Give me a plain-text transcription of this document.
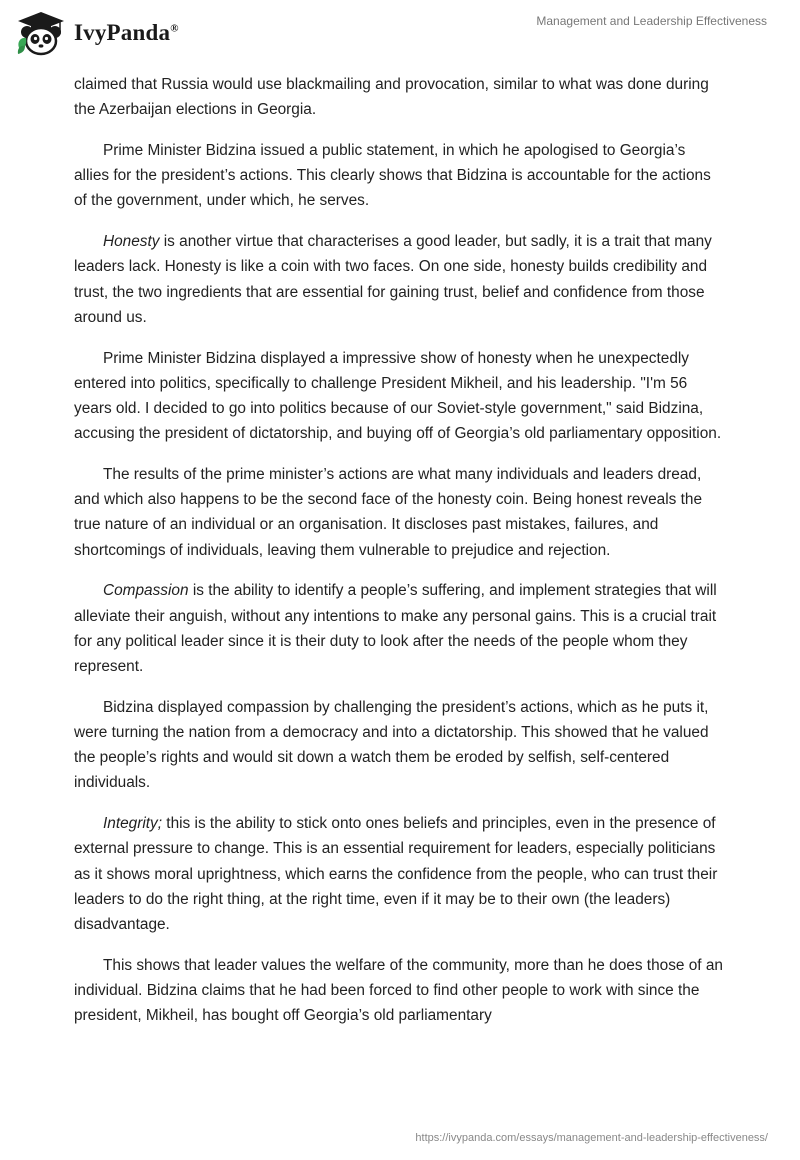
IvyPanda®
Management and Leadership Effectiveness

claimed that Russia would use blackmailing and provocation, similar to what was done during the Azerbaijan elections in Georgia.

Prime Minister Bidzina issued a public statement, in which he apologised to Georgia’s allies for the president’s actions. This clearly shows that Bidzina is accountable for the actions of the government, under which, he serves.

Honesty is another virtue that characterises a good leader, but sadly, it is a trait that many leaders lack. Honesty is like a coin with two faces. On one side, honesty builds credibility and trust, the two ingredients that are essential for gaining trust, belief and confidence from those around us.

Prime Minister Bidzina displayed a impressive show of honesty when he unexpectedly entered into politics, specifically to challenge President Mikheil, and his leadership. "I'm 56 years old. I decided to go into politics because of our Soviet-style government," said Bidzina, accusing the president of dictatorship, and buying off of Georgia’s old parliamentary opposition.

The results of the prime minister’s actions are what many individuals and leaders dread, and which also happens to be the second face of the honesty coin. Being honest reveals the true nature of an individual or an organisation. It discloses past mistakes, failures, and shortcomings of individuals, leaving them vulnerable to prejudice and rejection.

Compassion is the ability to identify a people’s suffering, and implement strategies that will alleviate their anguish, without any intentions to make any personal gains. This is a crucial trait for any political leader since it is their duty to look after the needs of the people whom they represent.

Bidzina displayed compassion by challenging the president’s actions, which as he puts it, were turning the nation from a democracy and into a dictatorship. This showed that he valued the people’s rights and would sit down a watch them be eroded by selfish, self-centered individuals.

Integrity; this is the ability to stick onto ones beliefs and principles, even in the presence of external pressure to change. This is an essential requirement for leaders, especially politicians as it shows moral uprightness, which earns the confidence from the people, who can trust their leaders to do the right thing, at the right time, even if it may be to their own (the leaders) disadvantage.

This shows that leader values the welfare of the community, more than he does those of an individual. Bidzina claims that he had been forced to find other people to work with since the president, Mikheil, has bought off Georgia’s old parliamentary

https://ivypanda.com/essays/management-and-leadership-effectiveness/
